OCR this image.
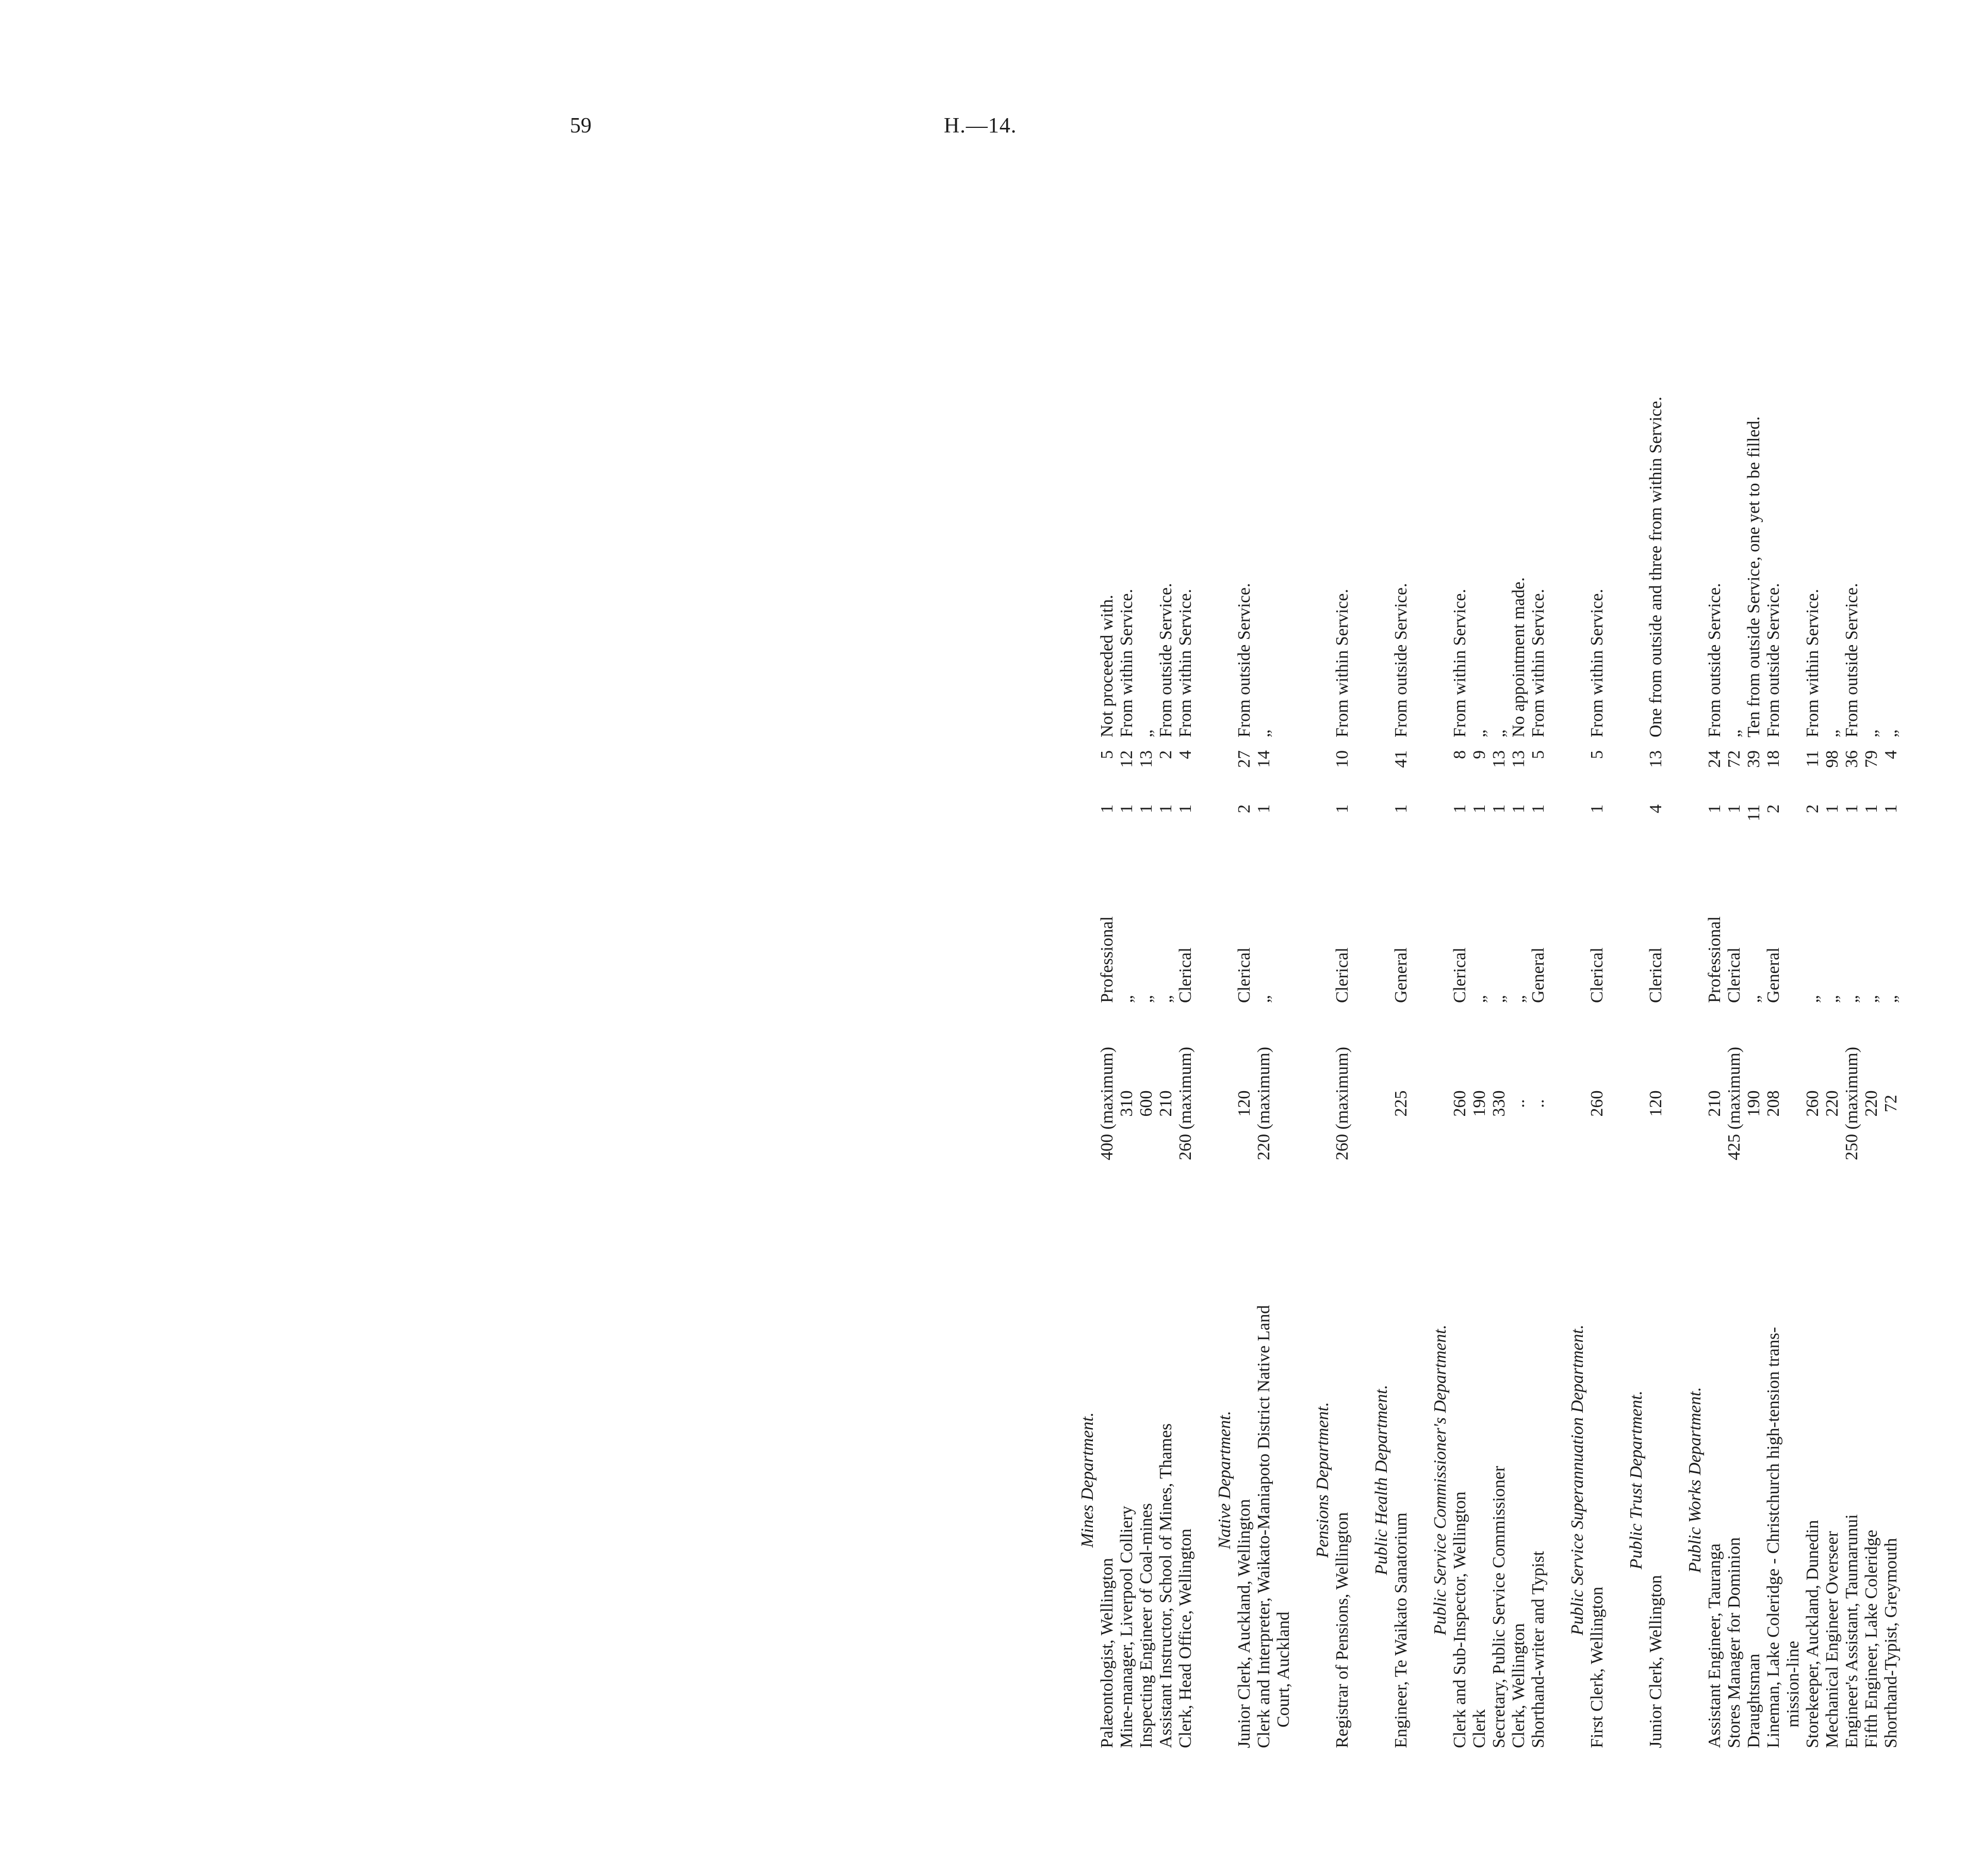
59	H.—14.
Mines Department.
Palæontologist, Wellington
400 (maximum)
Professional
1
5
Not proceeded with.
Mine-manager, Liverpool Colliery
310
„
1
12
From within Service.
Inspecting Engineer of Coal-mines
600
„
1
13
„
Assistant Instructor, School of Mines, Thames
210
„
1
2
From outside Service.
Clerk, Head Office, Wellington
260 (maximum)
Clerical
1
4
From within Service.
Native Department.
Junior Clerk, Auckland, Wellington
120
Clerical
2
27
From outside Service.
Clerk and Interpreter, Waikato-Maniapoto District Native Land
220 (maximum)
„
1
14
„
Court, Auckland
Pensions Department.
Registrar of Pensions, Wellington
260 (maximum)
Clerical
1
10
From within Service.
Public Health Department.
Engineer, Te Waikato Sanatorium
225
General
1
41
From outside Service.
Public Service Commissioner's Department. Clerk and Sub-Inspector, Wellington
260
Clerical
1
8
From within Service.
Clerk
190
„
1
9
„
Secretary, Public Service Commissioner
330
„
1
13
„
Clerk, Wellington
..
„
1
13
No appointment made.
Shorthand-writer and Typist
..
General
1
5
From within Service.
Public Service Superannuation Department.
First Clerk, Wellington
260
Clerical
1
5
From within Service.
Public Trust Department.
Junior Clerk, Wellington
120
Clerical
4
13
One from outside and three from within Service.
Public Works Department.
Assistant Engineer, Tauranga
210
Professional
1
24
From outside Service.
Stores Manager for Dominion
425 (maximum)
Clerical
1
72
„
Draughtsman
190
„
11
39
Ten from outside Service, one yet to be filled.
Lineman, Lake Coleridge - Christchurch high-tension trans-
208
General
2
18
From outside Service.
mission-line Storekeeper, Auckland, Dunedin
260
„
2
11
From within Service.
Mechanical Engineer Overseer
220
„
1
98
„
Engineer's Assistant, Taumarunui
250 (maximum)
„
1
36
From outside Service.
Fifth Engineer, Lake Coleridge
220
„
1
79
„
Shorthand-Typist, Greymouth
72
„
1
4
„
